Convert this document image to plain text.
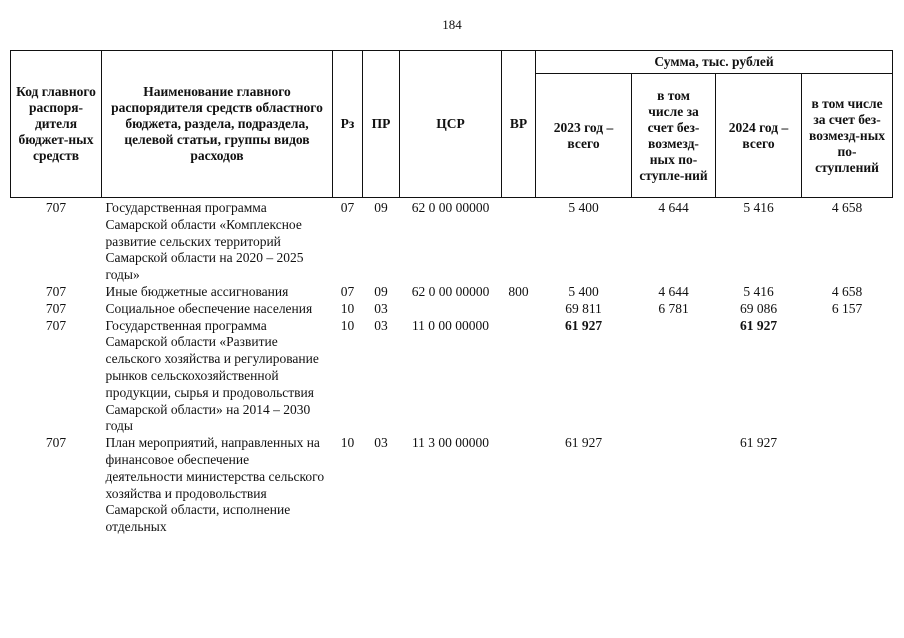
184
Код главного распоря-дителя бюджет-ных средств	Наименование главного распорядителя средств областного бюджета, раздела, подраздела, целевой статьи, группы видов расходов	Рз	ПР	ЦСР	ВР	Сумма, тыс. рублей			
						2023 год – всего	в том числе за счет без-возмезд-ных по-ступле-ний	2024 год – всего	в том числе за счет без-возмезд-ных по-ступлений
707	Государственная программа Самарской области «Комплексное развитие сельских территорий Самарской области на 2020 – 2025 годы»	07	09	62 0 00 00000		5 400	4 644	5 416	4 658
707	Иные бюджетные ассигнования	07	09	62 0 00 00000	800	5 400	4 644	5 416	4 658
707	Социальное обеспечение населения	10	03			69 811	6 781	69 086	6 157
707	Государственная программа Самарской области «Развитие сельского хозяйства и регулирование рынков сельскохозяйственной продукции, сырья и продовольствия Самарской области» на 2014 – 2030 годы	10	03	11 0 00 00000		61 927		61 927	
707	План мероприятий, направленных на финансовое обеспечение деятельности министерства сельского хозяйства и продовольствия Самарской области, исполнение отдельных	10	03	11 3 00 00000		61 927		61 927	
